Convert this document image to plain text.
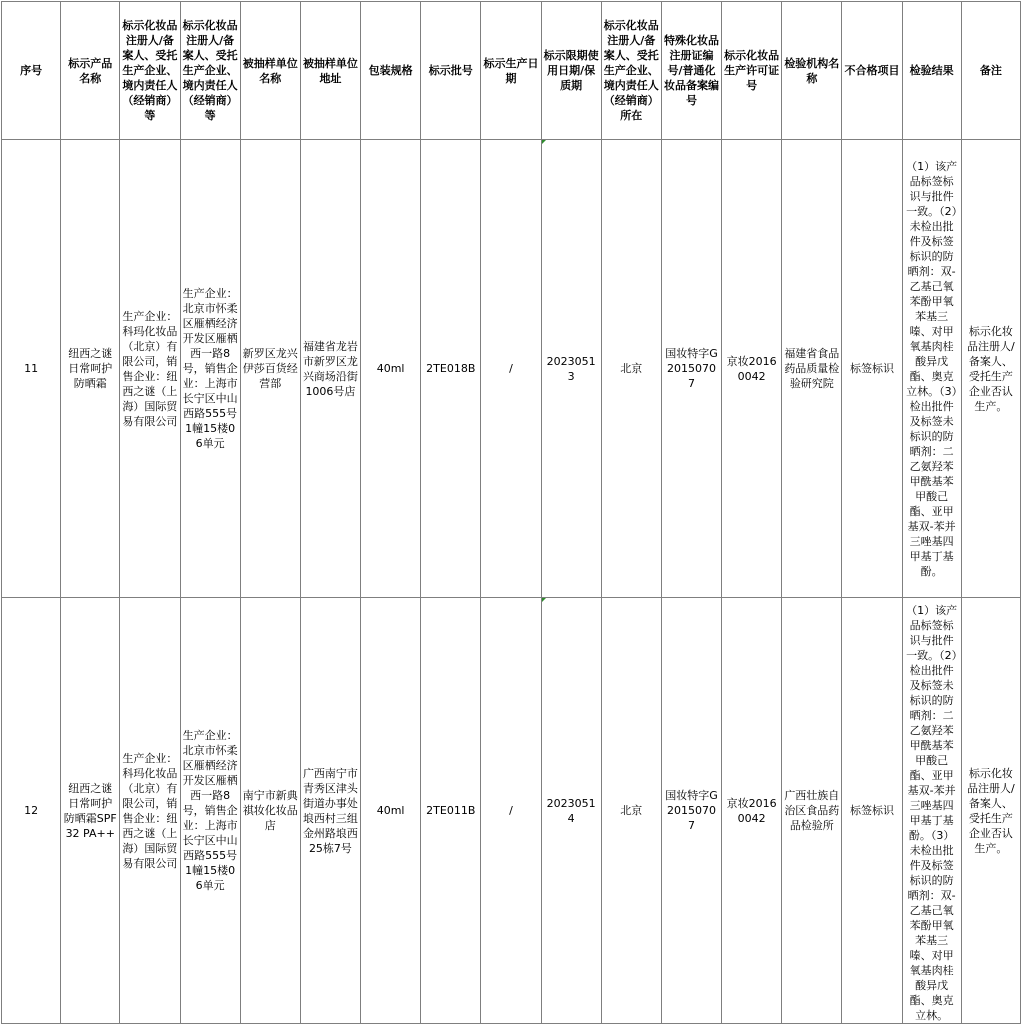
序号	标示产品名称	标示化妆品注册人/备案人、受托生产企业、境内责任人（经销商）等	标示化妆品注册人/备案人、受托生产企业、境内责任人（经销商）等	被抽样单位名称	被抽样单位地址	包装规格	标示批号	标示生产日期	标示限期使用日期/保质期	标示化妆品注册人/备案人、受托生产企业、境内责任人（经销商）所在	特殊化妆品注册证编号/普通化妆品备案编号	标示化妆品生产许可证号	检验机构名称	不合格项目	检验结果	备注
11	纽西之谜日常呵护防晒霜	生产企业：科玛化妆品（北京）有限公司，销售企业：纽西之谜（上海）国际贸易有限公司	生产企业：北京市怀柔区雁栖经济开发区雁栖西一路8号，销售企业：上海市长宁区中山西路555号1幢15楼06单元	新罗区龙兴伊莎百货经营部	福建省龙岩市新罗区龙兴商场沿街1006号店	40ml	2TE018B	/	20230513	北京	国妆特字G20150707	京妆20160042	福建省食品药品质量检验研究院	标签标识	（1）该产品标签标识与批件一致。（2）未检出批件及标签标识的防晒剂：双-乙基己氧苯酚甲氧苯基三嗪、对甲氧基肉桂酸异戊酯、奥克立林。（3）检出批件及标签未标识的防晒剂：二乙氨羟苯甲酰基苯甲酸己酯、亚甲基双-苯并三唑基四甲基丁基酚。	标示化妆品注册人/备案人、受托生产企业否认生产。
12	纽西之谜日常呵护防晒霜SPF32 PA++	生产企业：科玛化妆品（北京）有限公司，销售企业：纽西之谜（上海）国际贸易有限公司	生产企业：北京市怀柔区雁栖经济开发区雁栖西一路8号，销售企业：上海市长宁区中山西路555号1幢15楼06单元	南宁市新典祺妆化妆品店	广西南宁市青秀区津头街道办事处埌西村三组金州路埌西25栋7号	40ml	2TE011B	/	20230514	北京	国妆特字G20150707	京妆20160042	广西壮族自治区食品药品检验所	标签标识	（1）该产品标签标识与批件一致。（2）检出批件及标签未标识的防晒剂：二乙氨羟苯甲酰基苯甲酸己酯、亚甲基双-苯并三唑基四甲基丁基酚。（3）未检出批件及标签标识的防晒剂：双-乙基己氧苯酚甲氧苯基三嗪、对甲氧基肉桂酸异戊酯、奥克立林。	标示化妆品注册人/备案人、受托生产企业否认生产。
